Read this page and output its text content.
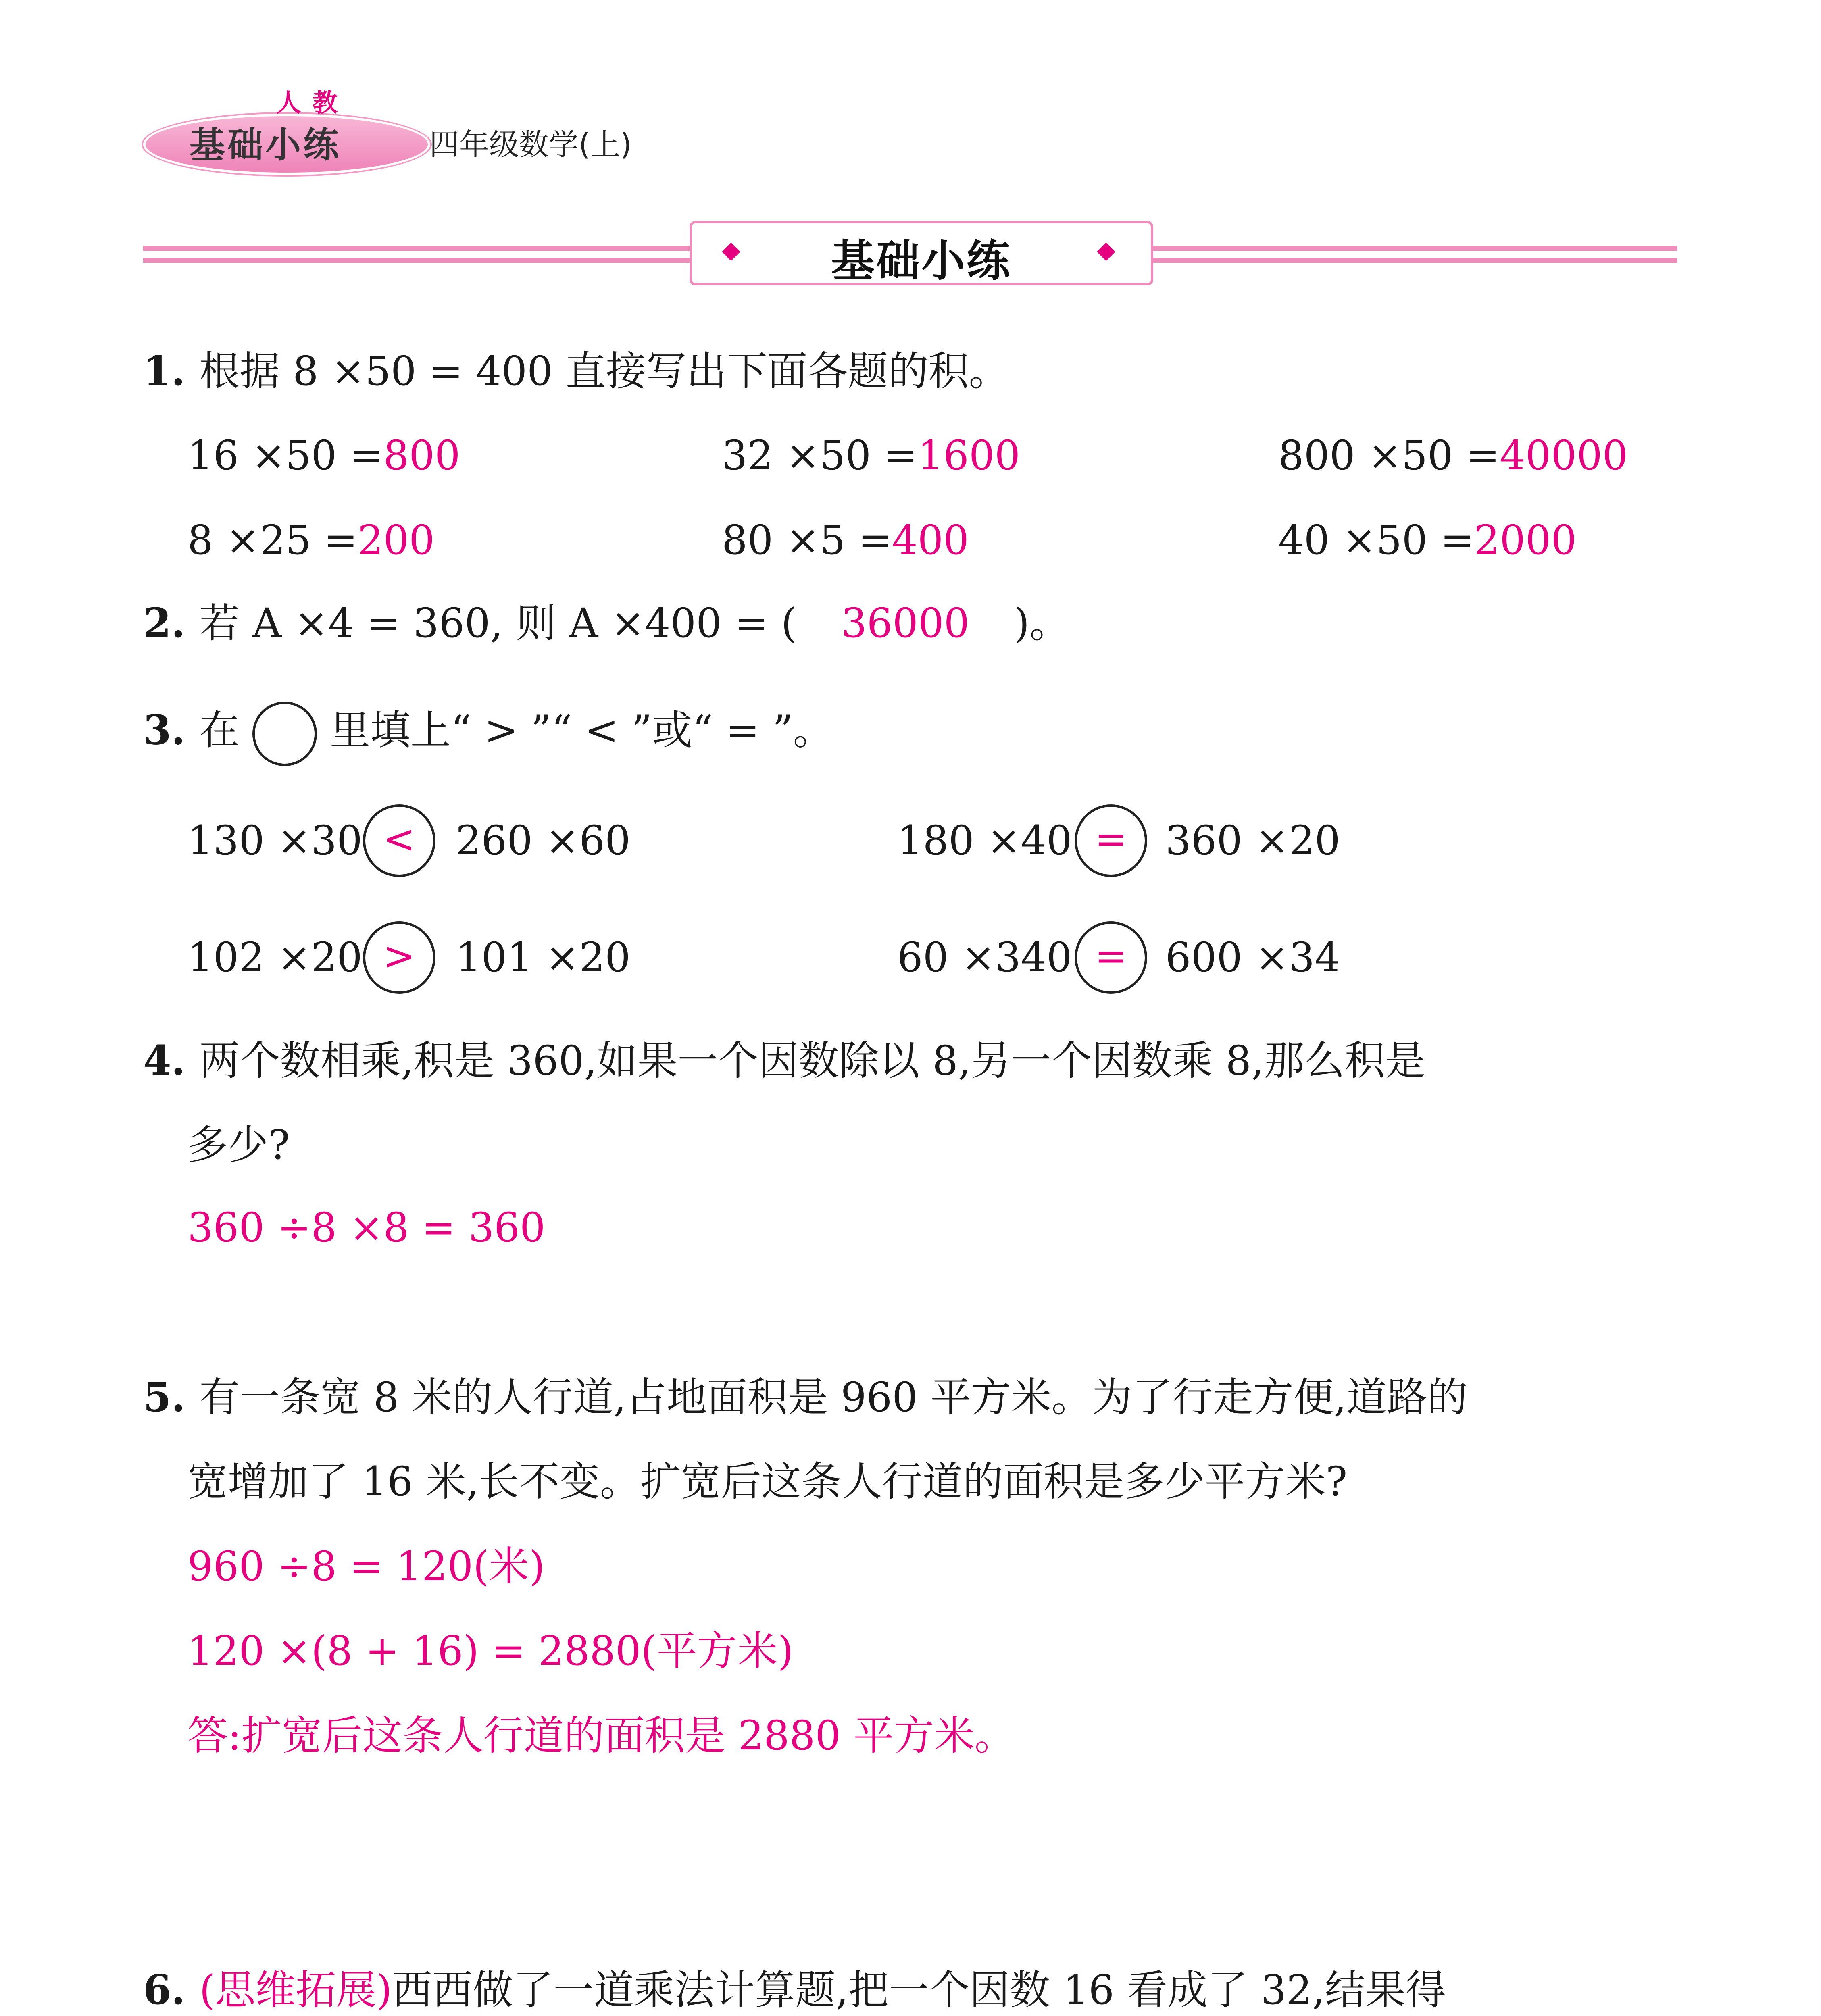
人教
基础小练	四年级数学(上)
◆	◆
基础小练
1. 根据 8 ×50 = 400 直接写出下面各题的积。
16 ×50 =800	32 ×50 =1600	800 ×50 =40000
8 ×25 =200	80 ×5 =400	40 ×50 =2000
2. 若 A ×4 = 360, 则 A ×400 = ( 36000 )。
3. 在 里填上“ > ”“ < ”或“ = ”。
130 ×30 < 260 ×60	180 ×40 = 360 ×20
102 ×20 > 101 ×20	60 ×340 = 600 ×34
4. 两个数相乘,积是 360,如果一个因数除以 8,另一个因数乘 8,那么积是
多少?
360 ÷8 ×8 = 360
5. 有一条宽 8 米的人行道,占地面积是 960 平方米。为了行走方便,道路的
宽增加了 16 米,长不变。扩宽后这条人行道的面积是多少平方米?
960 ÷8 = 120(米)
120 ×(8 + 16) = 2880(平方米)
答:扩宽后这条人行道的面积是 2880 平方米。
6. (思维拓展)西西做了一道乘法计算题,把一个因数 16 看成了 32,结果得
